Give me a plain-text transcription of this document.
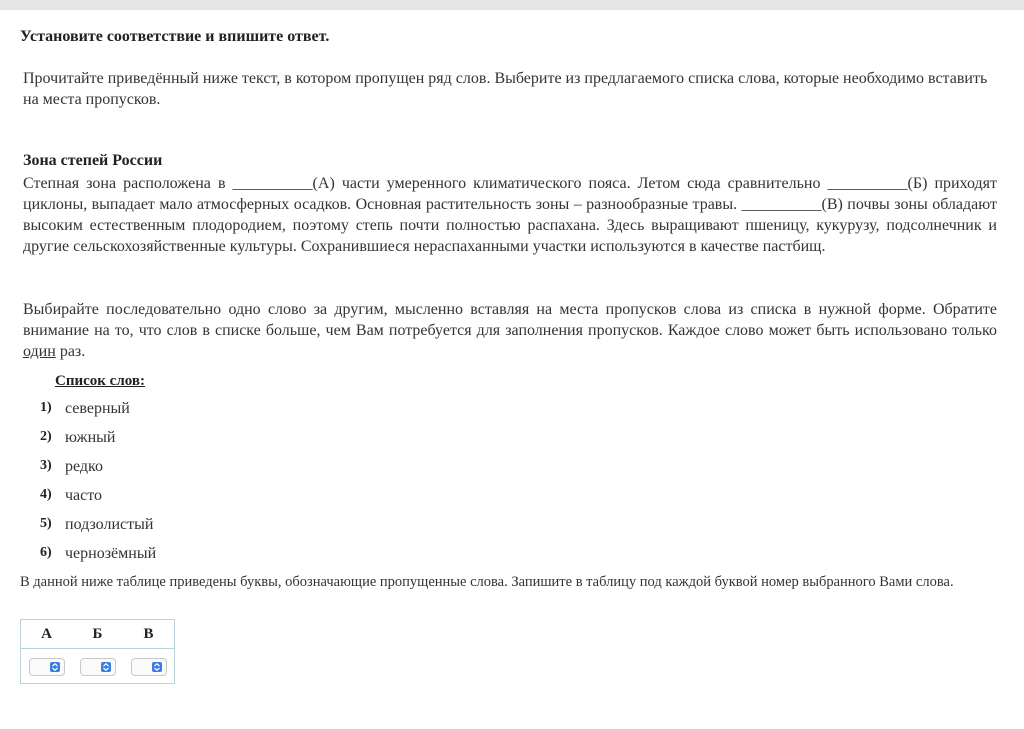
Установите соответствие и впишите ответ.

Прочитайте приведённый ниже текст, в котором пропущен ряд слов. Выберите из предлагаемого списка слова, которые необходимо вставить
на места пропусков.

Зона степей России

Степная зона расположена в __________(А) части умеренного климатического пояса. Летом сюда сравнительно __________(Б) приходят циклоны, выпадает мало атмосферных осадков. Основная растительность зоны – разнообразные травы. __________(В) почвы зоны обладают высоким естественным плодородием, поэтому степь почти полностью распахана. Здесь выращивают пшеницу, кукурузу, подсолнечник и другие сельскохозяйственные культуры. Сохранившиеся нераспаханными участки используются в качестве пастбищ.

Выбирайте последовательно одно слово за другим, мысленно вставляя на места пропусков слова из списка в нужной форме. Обратите внимание на то, что слов в списке больше, чем Вам потребуется для заполнения пропусков. Каждое слово может быть использовано только один раз.

Список слов:
1) северный
2) южный
3) редко
4) часто
5) подзолистый
6) чернозёмный

В данной ниже таблице приведены буквы, обозначающие пропущенные слова. Запишите в таблицу под каждой буквой номер выбранного Вами слова.

А	Б	В
